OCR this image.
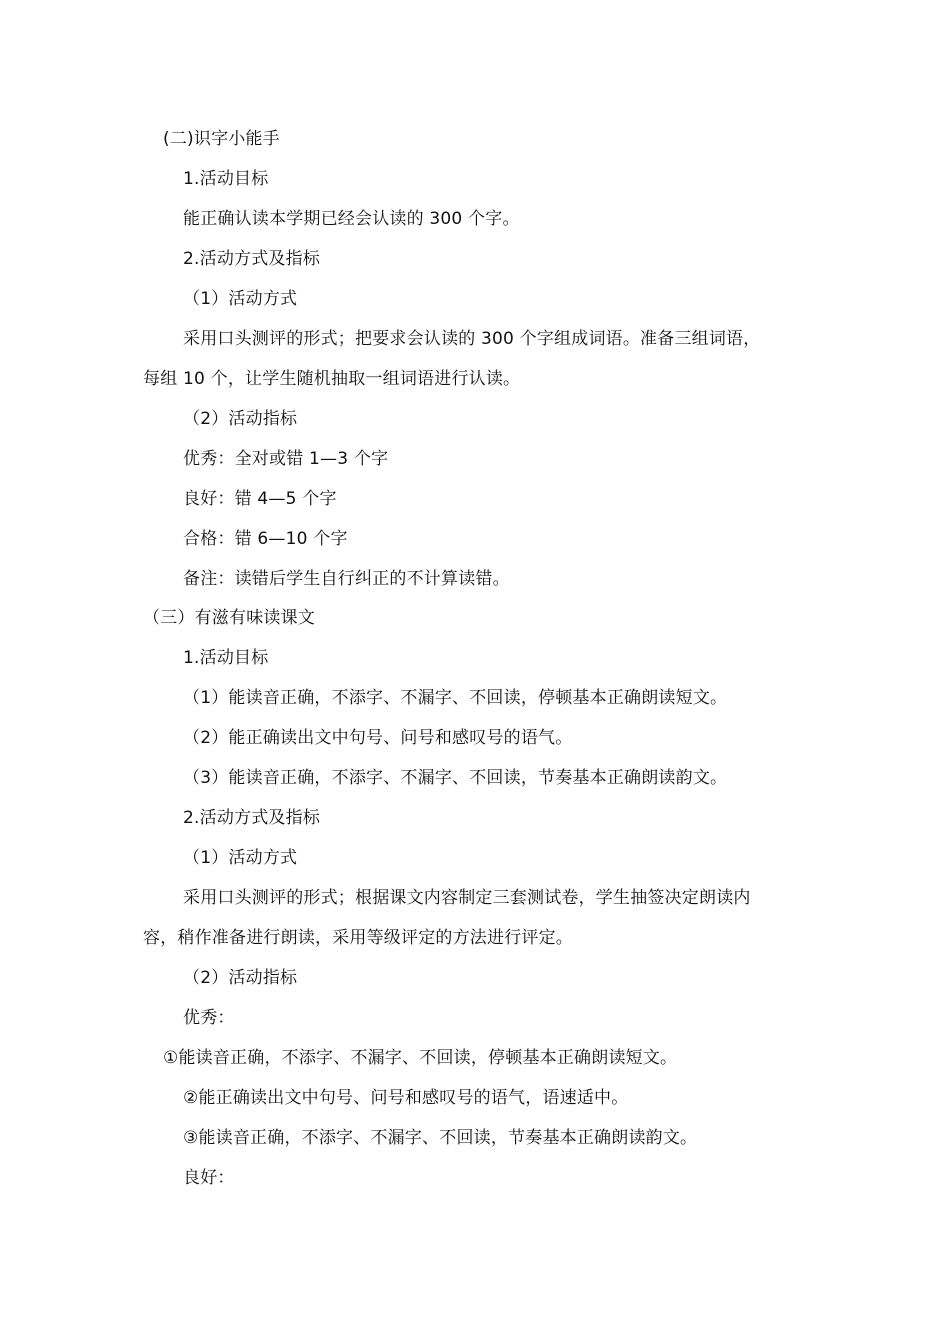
(二)识字小能手
1.活动目标
能正确认读本学期已经会认读的 300 个字。
2.活动方式及指标
（1）活动方式
采用口头测评的形式；把要求会认读的 300 个字组成词语。准备三组词语，
每组 10 个，让学生随机抽取一组词语进行认读。
（2）活动指标
优秀：全对或错 1—3 个字
良好：错 4—5 个字
合格：错 6—10 个字
备注：读错后学生自行纠正的不计算读错。
（三）有滋有味读课文
1.活动目标
（1）能读音正确，不添字、不漏字、不回读，停顿基本正确朗读短文。
（2）能正确读出文中句号、问号和感叹号的语气。
（3）能读音正确，不添字、不漏字、不回读，节奏基本正确朗读韵文。
2.活动方式及指标
（1）活动方式
采用口头测评的形式；根据课文内容制定三套测试卷，学生抽签决定朗读内
容，稍作准备进行朗读，采用等级评定的方法进行评定。
（2）活动指标
优秀：
①能读音正确，不添字、不漏字、不回读，停顿基本正确朗读短文。
②能正确读出文中句号、问号和感叹号的语气，语速适中。
③能读音正确，不添字、不漏字、不回读，节奏基本正确朗读韵文。
良好：
